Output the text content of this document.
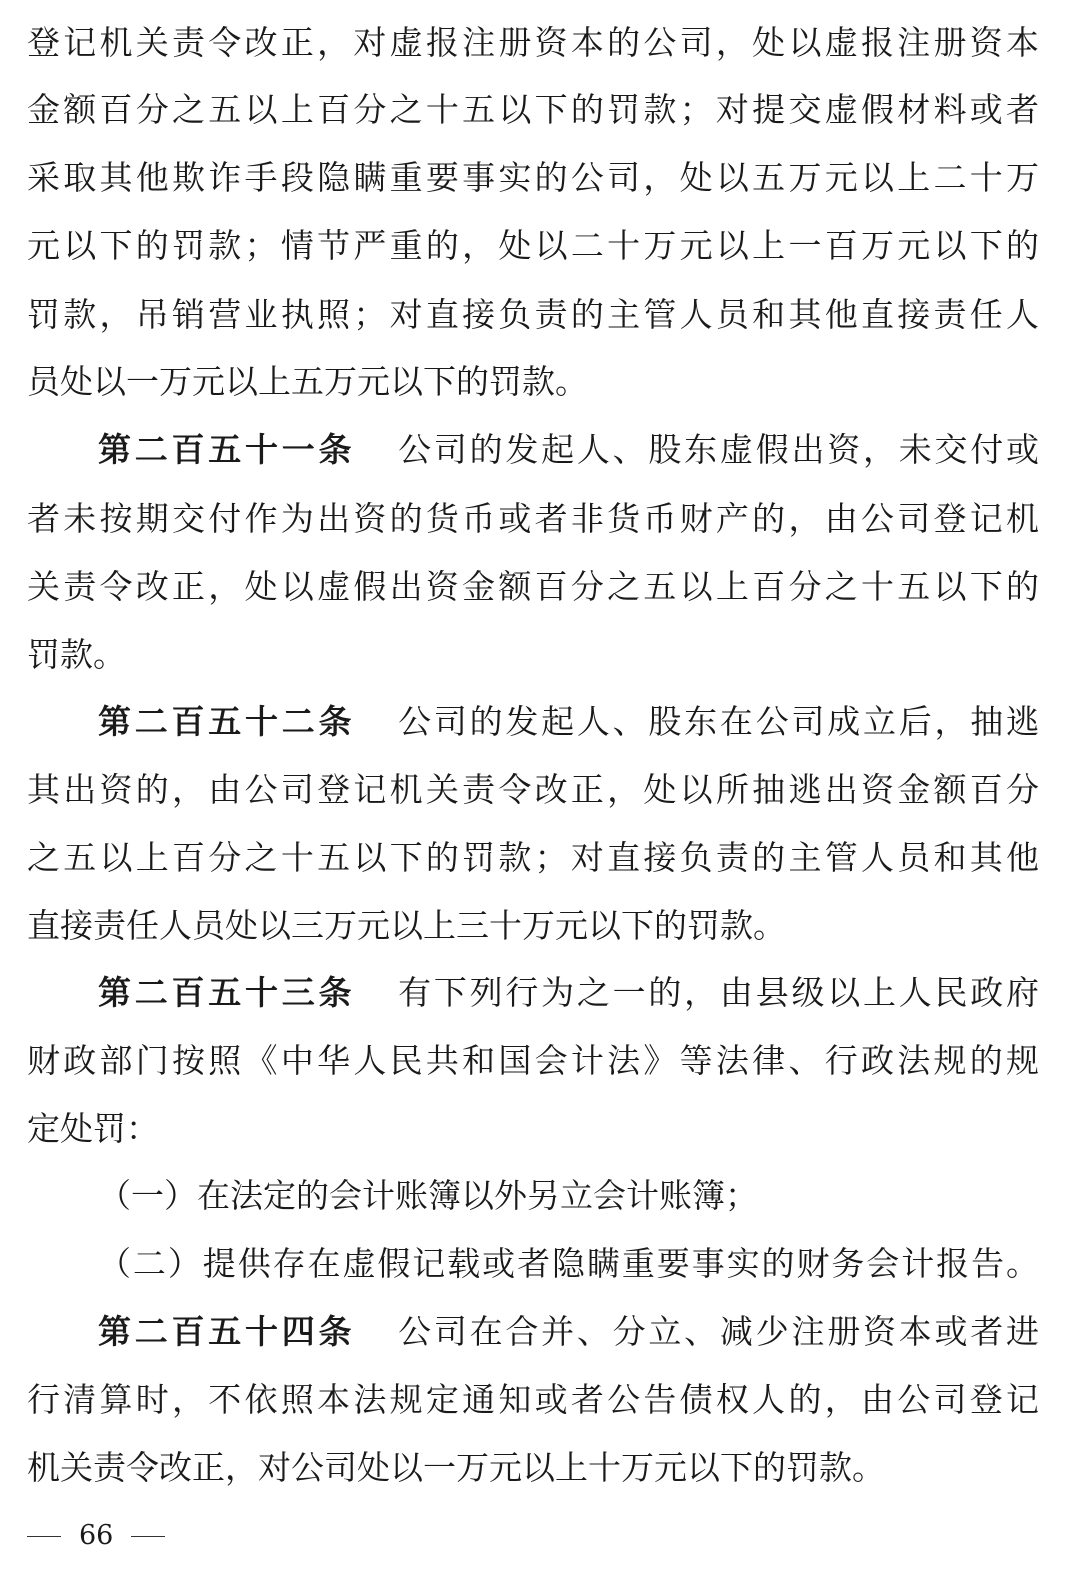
登记机关责令改正，对虚报注册资本的公司，处以虚报注册资本
金额百分之五以上百分之十五以下的罚款；对提交虚假材料或者
采取其他欺诈手段隐瞒重要事实的公司，处以五万元以上二十万
元以下的罚款；情节严重的，处以二十万元以上一百万元以下的
罚款，吊销营业执照；对直接负责的主管人员和其他直接责任人
员处以一万元以上五万元以下的罚款。
第二百五十一条 公司的发起人、股东虚假出资，未交付或
者未按期交付作为出资的货币或者非货币财产的，由公司登记机
关责令改正，处以虚假出资金额百分之五以上百分之十五以下的
罚款。
第二百五十二条 公司的发起人、股东在公司成立后，抽逃
其出资的，由公司登记机关责令改正，处以所抽逃出资金额百分
之五以上百分之十五以下的罚款；对直接负责的主管人员和其他
直接责任人员处以三万元以上三十万元以下的罚款。
第二百五十三条 有下列行为之一的，由县级以上人民政府
财政部门按照《中华人民共和国会计法》等法律、行政法规的规
定处罚：
（一）在法定的会计账簿以外另立会计账簿；
（二）提供存在虚假记载或者隐瞒重要事实的财务会计报告。
第二百五十四条 公司在合并、分立、减少注册资本或者进
行清算时，不依照本法规定通知或者公告债权人的，由公司登记
机关责令改正，对公司处以一万元以上十万元以下的罚款。
66
